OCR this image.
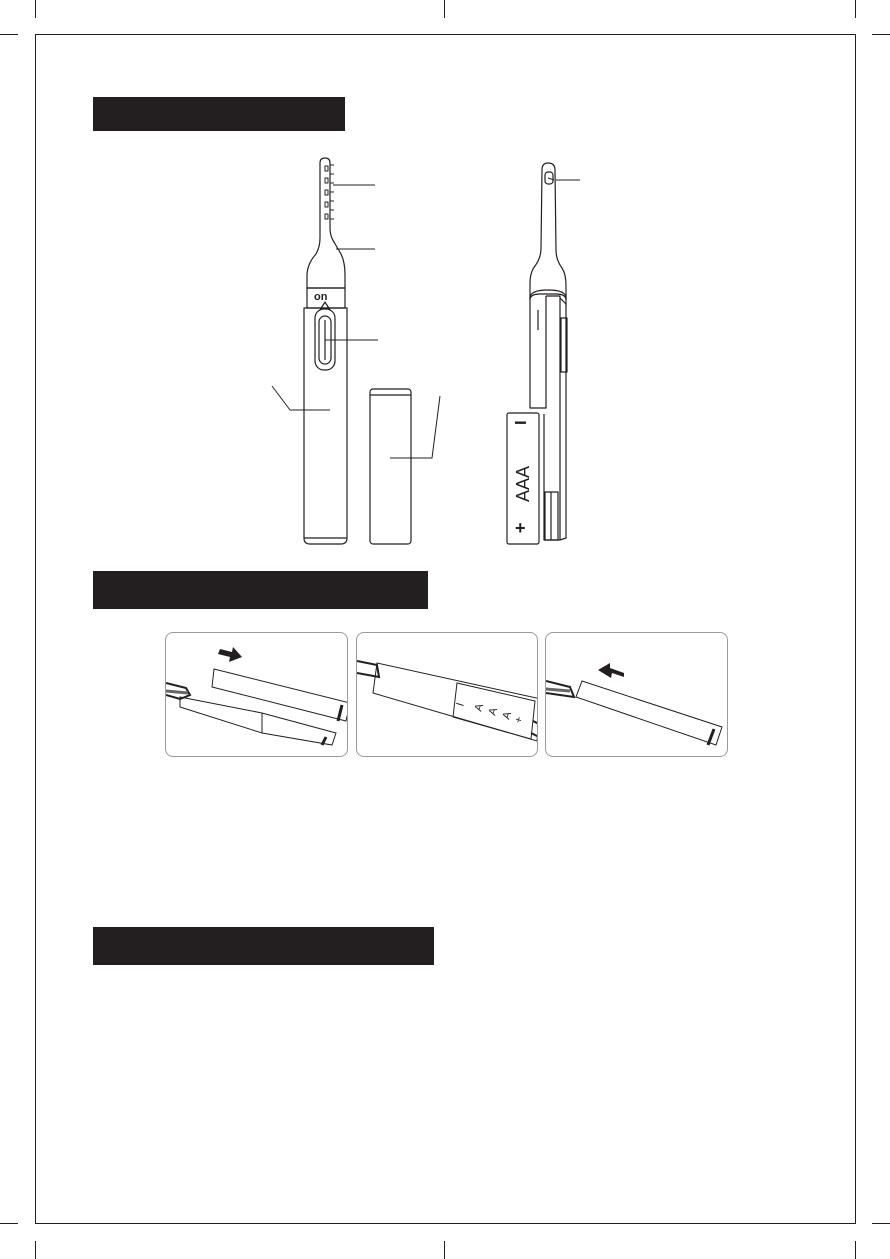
on
−
AAA
+
I A A A
+
